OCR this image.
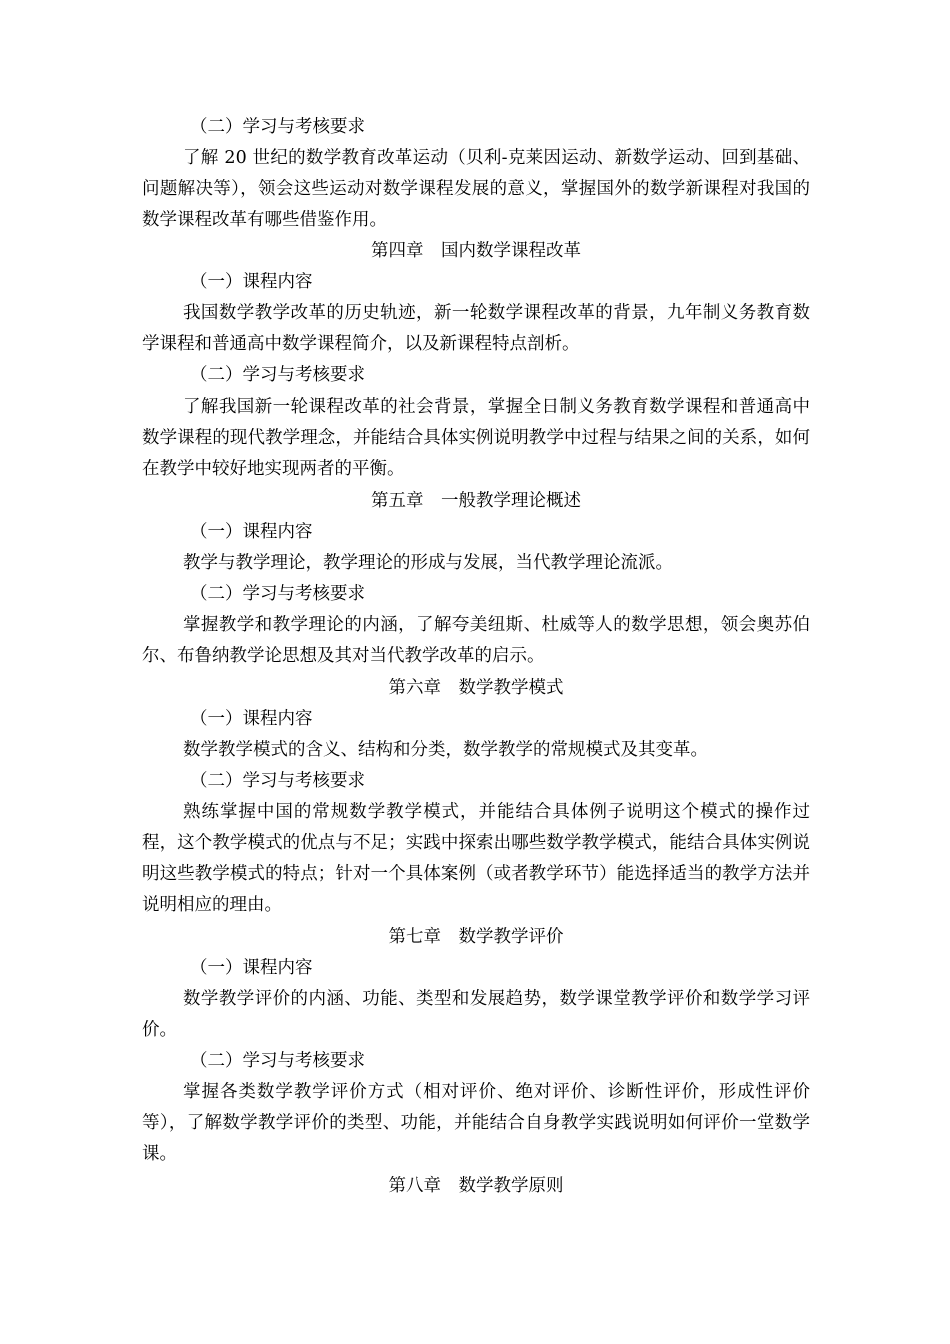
（二）学习与考核要求

了解 20 世纪的数学教育改革运动（贝利-克莱因运动、新数学运动、回到基础、问题解决等），领会这些运动对数学课程发展的意义，掌握国外的数学新课程对我国的数学课程改革有哪些借鉴作用。

第四章　国内数学课程改革

（一）课程内容

我国数学教学改革的历史轨迹，新一轮数学课程改革的背景，九年制义务教育数学课程和普通高中数学课程简介，以及新课程特点剖析。

（二）学习与考核要求

了解我国新一轮课程改革的社会背景，掌握全日制义务教育数学课程和普通高中数学课程的现代教学理念，并能结合具体实例说明教学中过程与结果之间的关系，如何在教学中较好地实现两者的平衡。

第五章　一般教学理论概述

（一）课程内容

教学与教学理论，教学理论的形成与发展，当代教学理论流派。

（二）学习与考核要求

掌握教学和教学理论的内涵，了解夸美纽斯、杜威等人的数学思想，领会奥苏伯尔、布鲁纳教学论思想及其对当代教学改革的启示。

第六章　数学教学模式

（一）课程内容

数学教学模式的含义、结构和分类，数学教学的常规模式及其变革。

（二）学习与考核要求

熟练掌握中国的常规数学教学模式，并能结合具体例子说明这个模式的操作过程，这个教学模式的优点与不足；实践中探索出哪些数学教学模式，能结合具体实例说明这些教学模式的特点；针对一个具体案例（或者教学环节）能选择适当的教学方法并说明相应的理由。

第七章　数学教学评价

（一）课程内容

数学教学评价的内涵、功能、类型和发展趋势，数学课堂教学评价和数学学习评价。

（二）学习与考核要求

掌握各类数学教学评价方式（相对评价、绝对评价、诊断性评价，形成性评价等），了解数学教学评价的类型、功能，并能结合自身教学实践说明如何评价一堂数学课。

第八章　数学教学原则
